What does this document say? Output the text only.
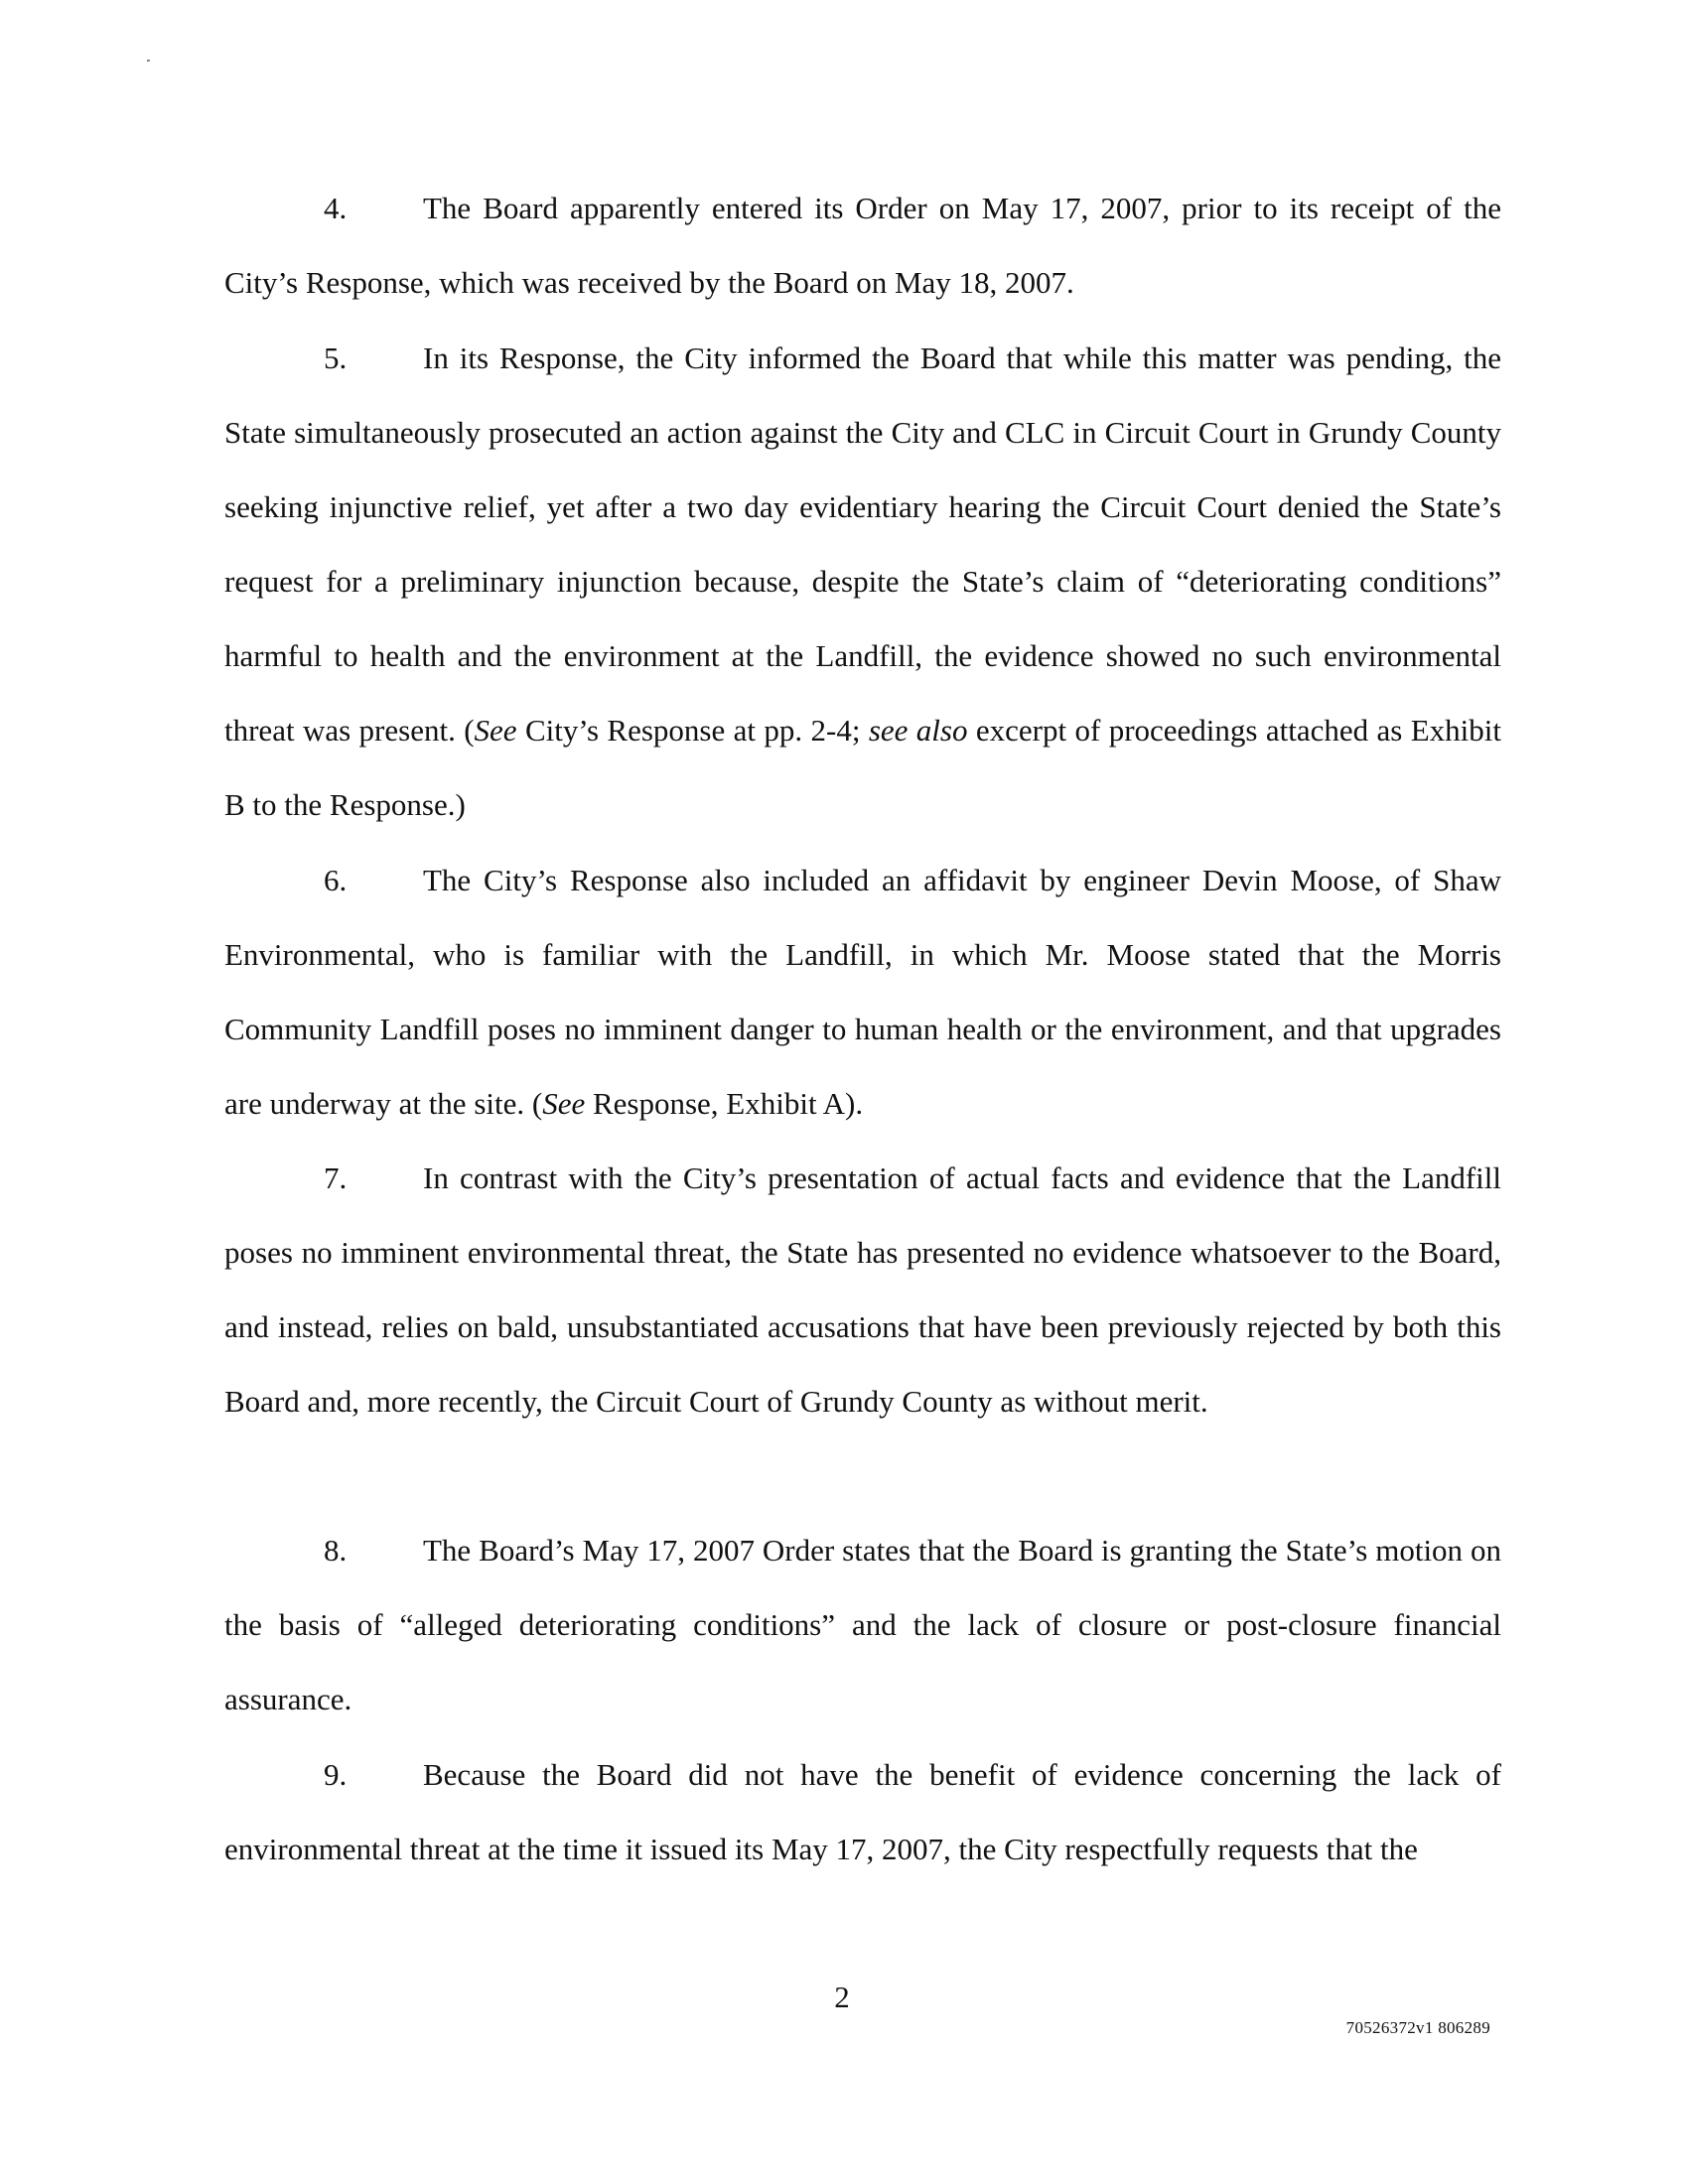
4. The Board apparently entered its Order on May 17, 2007, prior to its receipt of the City’s Response, which was received by the Board on May 18, 2007.

5. In its Response, the City informed the Board that while this matter was pending, the State simultaneously prosecuted an action against the City and CLC in Circuit Court in Grundy County seeking injunctive relief, yet after a two day evidentiary hearing the Circuit Court denied the State’s request for a preliminary injunction because, despite the State’s claim of “deteriorating conditions” harmful to health and the environment at the Landfill, the evidence showed no such environmental threat was present. (See City’s Response at pp. 2-4; see also excerpt of proceedings attached as Exhibit B to the Response.)

6. The City’s Response also included an affidavit by engineer Devin Moose, of Shaw Environmental, who is familiar with the Landfill, in which Mr. Moose stated that the Morris Community Landfill poses no imminent danger to human health or the environment, and that upgrades are underway at the site. (See Response, Exhibit A).

7. In contrast with the City’s presentation of actual facts and evidence that the Landfill poses no imminent environmental threat, the State has presented no evidence whatsoever to the Board, and instead, relies on bald, unsubstantiated accusations that have been previously rejected by both this Board and, more recently, the Circuit Court of Grundy County as without merit.

8. The Board’s May 17, 2007 Order states that the Board is granting the State’s motion on the basis of “alleged deteriorating conditions” and the lack of closure or post-closure financial assurance.

9. Because the Board did not have the benefit of evidence concerning the lack of environmental threat at the time it issued its May 17, 2007, the City respectfully requests that the

2
70526372v1 806289
